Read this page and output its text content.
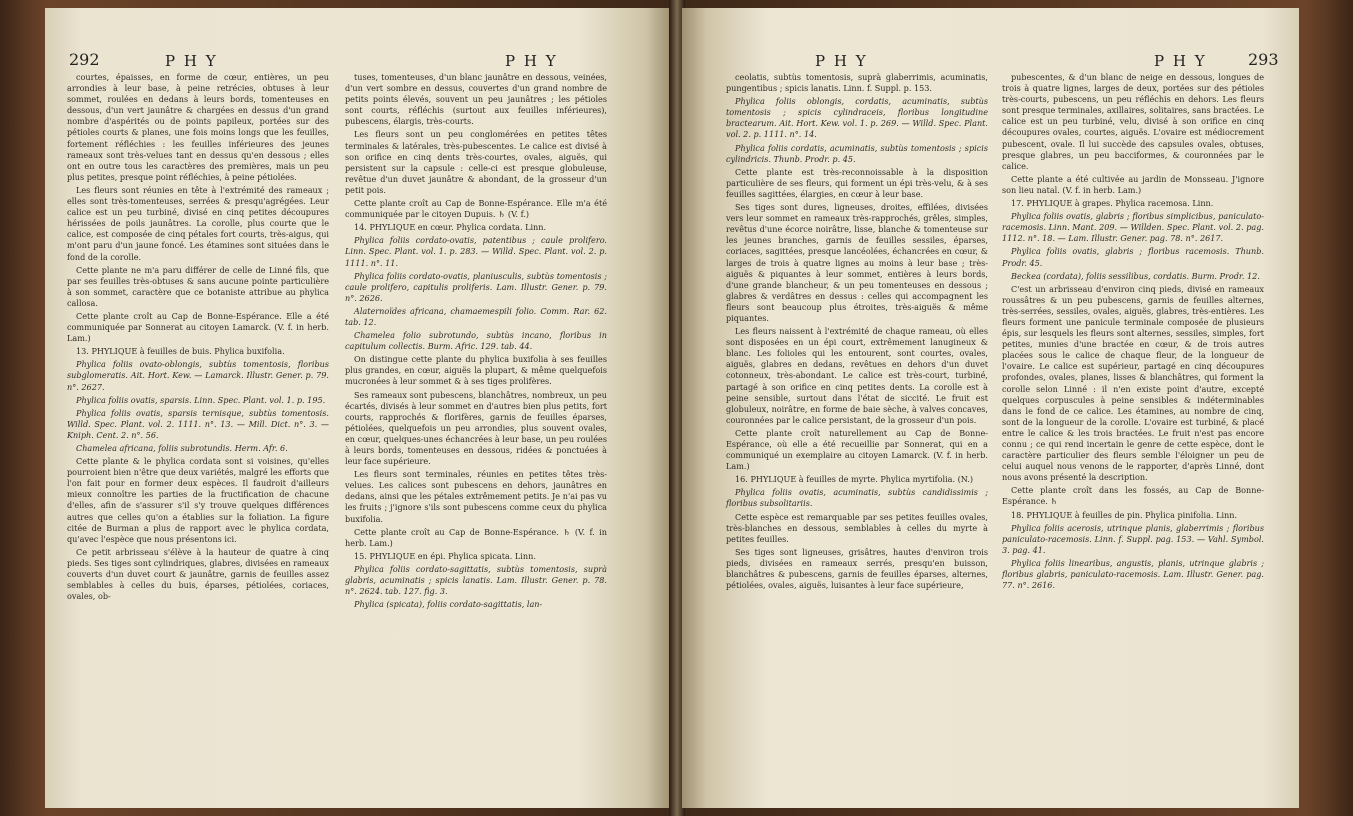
292	P H Y	P H Y

courtes, épaisses, en forme de cœur, entières, un peu arrondies à leur base, à peine retrécies, obtuses à leur sommet, roulées en dedans à leurs bords, tomenteuses en dessous, d'un vert jaunâtre & chargées en dessus d'un grand nombre d'aspérités ou de points papileux, portées sur des pétioles courts & planes, une fois moins longs que les feuilles, fortement réfléchies : les feuilles inférieures des jeunes rameaux sont très-velues tant en dessus qu'en dessous ; elles ont en outre tous les caractères des premières, mais un peu plus petites, presque point réfléchies, à peine pétiolées.

Les fleurs sont réunies en tête à l'extrémité des rameaux ; elles sont très-tomenteuses, serrées & presqu'agrégées. Leur calice est un peu turbiné, divisé en cinq petites découpures hérissées de poils jaunâtres. La corolle, plus courte que le calice, est composée de cinq pétales fort courts, très-aigus, qui m'ont paru d'un jaune foncé. Les étamines sont situées dans le fond de la corolle.

Cette plante ne m'a paru différer de celle de Linné fils, que par ses feuilles très-obtuses & sans aucune pointe particulière à son sommet, caractère que ce botaniste attribue au phylica callosa.

Cette plante croît au Cap de Bonne-Espérance. Elle a été communiquée par Sonnerat au citoyen Lamarck. (V. f. in herb. Lam.)

13. PHYLIQUE à feuilles de buis. Phylica buxifolia.

Phylica foliis ovato-oblongis, subtùs tomentosis, floribus subglomeratis. Ait. Hort. Kew. — Lamarck. Illustr. Gener. p. 79. n°. 2627.

Phylica foliis ovatis, sparsis. Linn. Spec. Plant. vol. 1. p. 195.

Phylica foliis ovatis, sparsis ternisque, subtùs tomentosis. Willd. Spec. Plant. vol. 2. 1111. n°. 13. — Mill. Dict. n°. 3. — Kniph. Cent. 2. n°. 56.

Chamelea africana, foliis subrotundis. Herm. Afr. 6.

Cette plante & le phylica cordata sont si voisines, qu'elles pourroient bien n'être que deux variétés, malgré les efforts que l'on fait pour en former deux espèces. Il faudroit d'ailleurs mieux connoître les parties de la fructification de chacune d'elles, afin de s'assurer s'il s'y trouve quelques différences autres que celles qu'on a établies sur la foliation. La figure citée de Burman a plus de rapport avec le phylica cordata, qu'avec l'espèce que nous présentons ici.

Ce petit arbrisseau s'élève à la hauteur de quatre à cinq pieds. Ses tiges sont cylindriques, glabres, divisées en rameaux couverts d'un duvet court & jaunâtre, garnis de feuilles assez semblables à celles du buis, éparses, pétiolées, coriaces, ovales, ob-

tuses, tomenteuses, d'un blanc jaunâtre en dessous, veinées, d'un vert sombre en dessus, couvertes d'un grand nombre de petits points élevés, souvent un peu jaunâtres ; les pétioles sont courts, réfléchis (surtout aux feuilles inférieures), pubescens, élargis, très-courts.

Les fleurs sont un peu conglomérées en petites têtes terminales & latérales, très-pubescentes. Le calice est divisé à son orifice en cinq dents très-courtes, ovales, aiguës, qui persistent sur la capsule : celle-ci est presque globuleuse, revêtue d'un duvet jaunâtre & abondant, de la grosseur d'un petit pois.

Cette plante croît au Cap de Bonne-Espérance. Elle m'a été communiquée par le citoyen Dupuis. ♄ (V. f.)

14. PHYLIQUE en cœur. Phylica cordata. Linn.

Phylica foliis cordato-ovatis, patentibus ; caule prolifero. Linn. Spec. Plant. vol. 1. p. 283. — Willd. Spec. Plant. vol. 2. p. 1111. n°. 11.

Phylica foliis cordato-ovatis, planiusculis, subtùs tomentosis ; caule prolifero, capitulis proliferis. Lam. Illustr. Gener. p. 79. n°. 2626.

Alaternoïdes africana, chamaemespili folio. Comm. Rar. 62. tab. 12.

Chamelea folio subrotundo, subtùs incano, floribus in capitulum collectis. Burm. Afric. 129. tab. 44.

On distingue cette plante du phylica buxifolia à ses feuilles plus grandes, en cœur, aiguës la plupart, & même quelquefois mucronées à leur sommet & à ses tiges prolifères.

Ses rameaux sont pubescens, blanchâtres, nombreux, un peu écartés, divisés à leur sommet en d'autres bien plus petits, fort courts, rapprochés & florifères, garnis de feuilles éparses, pétiolées, quelquefois un peu arrondies, plus souvent ovales, en cœur, quelques-unes échancrées à leur base, un peu roulées à leurs bords, tomenteuses en dessous, ridées & ponctuées à leur face supérieure.

Les fleurs sont terminales, réunies en petites têtes très-velues. Les calices sont pubescens en dehors, jaunâtres en dedans, ainsi que les pétales extrêmement petits. Je n'ai pas vu les fruits ; j'ignore s'ils sont pubescens comme ceux du phylica buxifolia.

Cette plante croît au Cap de Bonne-Espérance. ♄ (V. f. in herb. Lam.)

15. PHYLIQUE en épi. Phylica spicata. Linn.

Phylica foliis cordato-sagittatis, subtùs tomentosis, suprà glabris, acuminatis ; spicis lanatis. Lam. Illustr. Gener. p. 78. n°. 2624. tab. 127. fig. 3.

Phylica (spicata), foliis cordato-sagittatis, lan-

P H Y	P H Y	293

ceolatis, subtùs tomentosis, suprà glaberrimis, acuminatis, pungentibus ; spicis lanatis. Linn. f. Suppl. p. 153.

Phylica foliis oblongis, cordatis, acuminatis, subtùs tomentosis ; spicis cylindraceis, floribus longitudine bractearum. Ait. Hort. Kew. vol. 1. p. 269. — Willd. Spec. Plant. vol. 2. p. 1111. n°. 14.

Phylica foliis cordatis, acuminatis, subtùs tomentosis ; spicis cylindricis. Thunb. Prodr. p. 45.

Cette plante est très-reconnoissable à la disposition particulière de ses fleurs, qui forment un épi très-velu, & à ses feuilles sagittées, élargies, en cœur à leur base.

Ses tiges sont dures, ligneuses, droites, effilées, divisées vers leur sommet en rameaux très-rapprochés, grêles, simples, revêtus d'une écorce noirâtre, lisse, blanche & tomenteuse sur les jeunes branches, garnis de feuilles sessiles, éparses, coriaces, sagittées, presque lancéolées, échancrées en cœur, & larges de trois à quatre lignes au moins à leur base ; très-aiguës & piquantes à leur sommet, entières à leurs bords, d'une grande blancheur, & un peu tomenteuses en dessous ; glabres & verdâtres en dessus : celles qui accompagnent les fleurs sont beaucoup plus étroites, très-aiguës & même piquantes.

Les fleurs naissent à l'extrémité de chaque rameau, où elles sont disposées en un épi court, extrêmement lanugineux & blanc. Les folioles qui les entourent, sont courtes, ovales, aiguës, glabres en dedans, revêtues en dehors d'un duvet cotonneux, très-abondant. Le calice est très-court, turbiné, partagé à son orifice en cinq petites dents. La corolle est à peine sensible, surtout dans l'état de siccité. Le fruit est globuleux, noirâtre, en forme de baie sèche, à valves concaves, couronnées par le calice persistant, de la grosseur d'un pois.

Cette plante croît naturellement au Cap de Bonne-Espérance, où elle a été recueillie par Sonnerat, qui en a communiqué un exemplaire au citoyen Lamarck. (V. f. in herb. Lam.)

16. PHYLIQUE à feuilles de myrte. Phylica myrtifolia. (N.)

Phylica foliis ovatis, acuminatis, subtùs candidissimis ; floribus subsolitariis.

Cette espèce est remarquable par ses petites feuilles ovales, très-blanches en dessous, semblables à celles du myrte à petites feuilles.

Ses tiges sont ligneuses, grisâtres, hautes d'environ trois pieds, divisées en rameaux serrés, presqu'en buisson, blanchâtres & pubescens, garnis de feuilles éparses, alternes, pétiolées, ovales, aiguës, luisantes à leur face supérieure,

pubescentes, & d'un blanc de neige en dessous, longues de trois à quatre lignes, larges de deux, portées sur des pétioles très-courts, pubescens, un peu réfléchis en dehors. Les fleurs sont presque terminales, axillaires, solitaires, sans bractées. Le calice est un peu turbiné, velu, divisé à son orifice en cinq découpures ovales, courtes, aiguës. L'ovaire est médiocrement pubescent, ovale. Il lui succède des capsules ovales, obtuses, presque glabres, un peu bacciformes, & couronnées par le calice.

Cette plante a été cultivée au jardin de Monsseau. J'ignore son lieu natal. (V. f. in herb. Lam.)

17. PHYLIQUE à grapes. Phylica racemosa. Linn.

Phylica foliis ovatis, glabris ; floribus simplicibus, paniculato-racemosis. Linn. Mant. 209. — Willden. Spec. Plant. vol. 2. pag. 1112. n°. 18. — Lam. Illustr. Gener. pag. 78. n°. 2617.

Phylica foliis ovatis, glabris ; floribus racemosis. Thunb. Prodr. 45.

Beckea (cordata), foliis sessilibus, cordatis. Burm. Prodr. 12.

C'est un arbrisseau d'environ cinq pieds, divisé en rameaux roussâtres & un peu pubescens, garnis de feuilles alternes, très-serrées, sessiles, ovales, aiguës, glabres, très-entières. Les fleurs forment une panicule terminale composée de plusieurs épis, sur lesquels les fleurs sont alternes, sessiles, simples, fort petites, munies d'une bractée en cœur, & de trois autres placées sous le calice de chaque fleur, de la longueur de l'ovaire. Le calice est supérieur, partagé en cinq découpures profondes, ovales, planes, lisses & blanchâtres, qui forment la corolle selon Linné : il n'en existe point d'autre, excepté quelques corpuscules à peine sensibles & indéterminables dans le fond de ce calice. Les étamines, au nombre de cinq, sont de la longueur de la corolle. L'ovaire est turbiné, & placé entre le calice & les trois bractées. Le fruit n'est pas encore connu ; ce qui rend incertain le genre de cette espèce, dont le caractère particulier des fleurs semble l'éloigner un peu de celui auquel nous venons de le rapporter, d'après Linné, dont nous avons présenté la description.

Cette plante croît dans les fossés, au Cap de Bonne-Espérance. ♄

18. PHYLIQUE à feuilles de pin. Phylica pinifolia. Linn.

Phylica foliis acerosis, utrinque planis, glaberrimis ; floribus paniculato-racemosis. Linn. f. Suppl. pag. 153. — Vahl. Symbol. 3. pag. 41.

Phylica foliis linearibus, angustis, planis, utrinque glabris ; floribus glabris, paniculato-racemosis. Lam. Illustr. Gener. pag. 77. n°. 2616.
